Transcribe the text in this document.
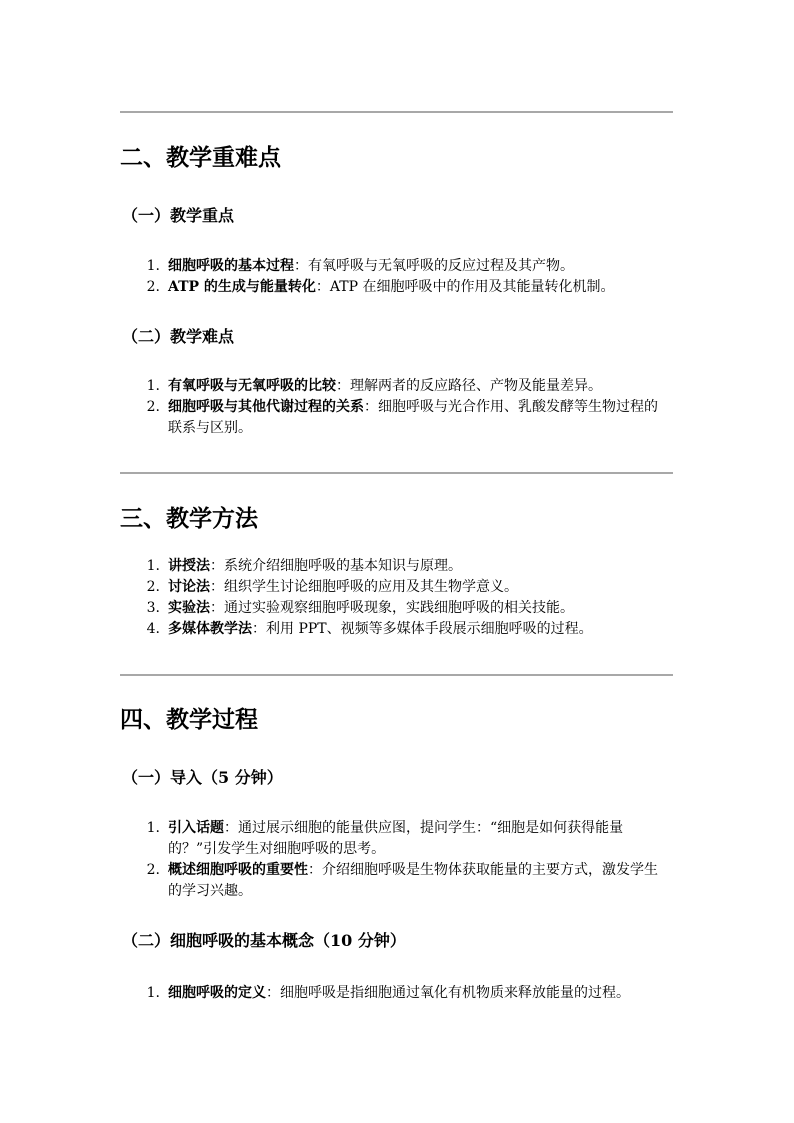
二、教学重难点
（一）教学重点
1. 细胞呼吸的基本过程：有氧呼吸与无氧呼吸的反应过程及其产物。
2. ATP 的生成与能量转化：ATP 在细胞呼吸中的作用及其能量转化机制。
（二）教学难点
1. 有氧呼吸与无氧呼吸的比较：理解两者的反应路径、产物及能量差异。
2. 细胞呼吸与其他代谢过程的关系：细胞呼吸与光合作用、乳酸发酵等生物过程的联系与区别。
三、教学方法
1. 讲授法：系统介绍细胞呼吸的基本知识与原理。
2. 讨论法：组织学生讨论细胞呼吸的应用及其生物学意义。
3. 实验法：通过实验观察细胞呼吸现象，实践细胞呼吸的相关技能。
4. 多媒体教学法：利用 PPT、视频等多媒体手段展示细胞呼吸的过程。
四、教学过程
（一）导入（5 分钟）
1. 引入话题：通过展示细胞的能量供应图，提问学生：“细胞是如何获得能量的？”引发学生对细胞呼吸的思考。
2. 概述细胞呼吸的重要性：介绍细胞呼吸是生物体获取能量的主要方式，激发学生的学习兴趣。
（二）细胞呼吸的基本概念（10 分钟）
1. 细胞呼吸的定义：细胞呼吸是指细胞通过氧化有机物质来释放能量的过程。
